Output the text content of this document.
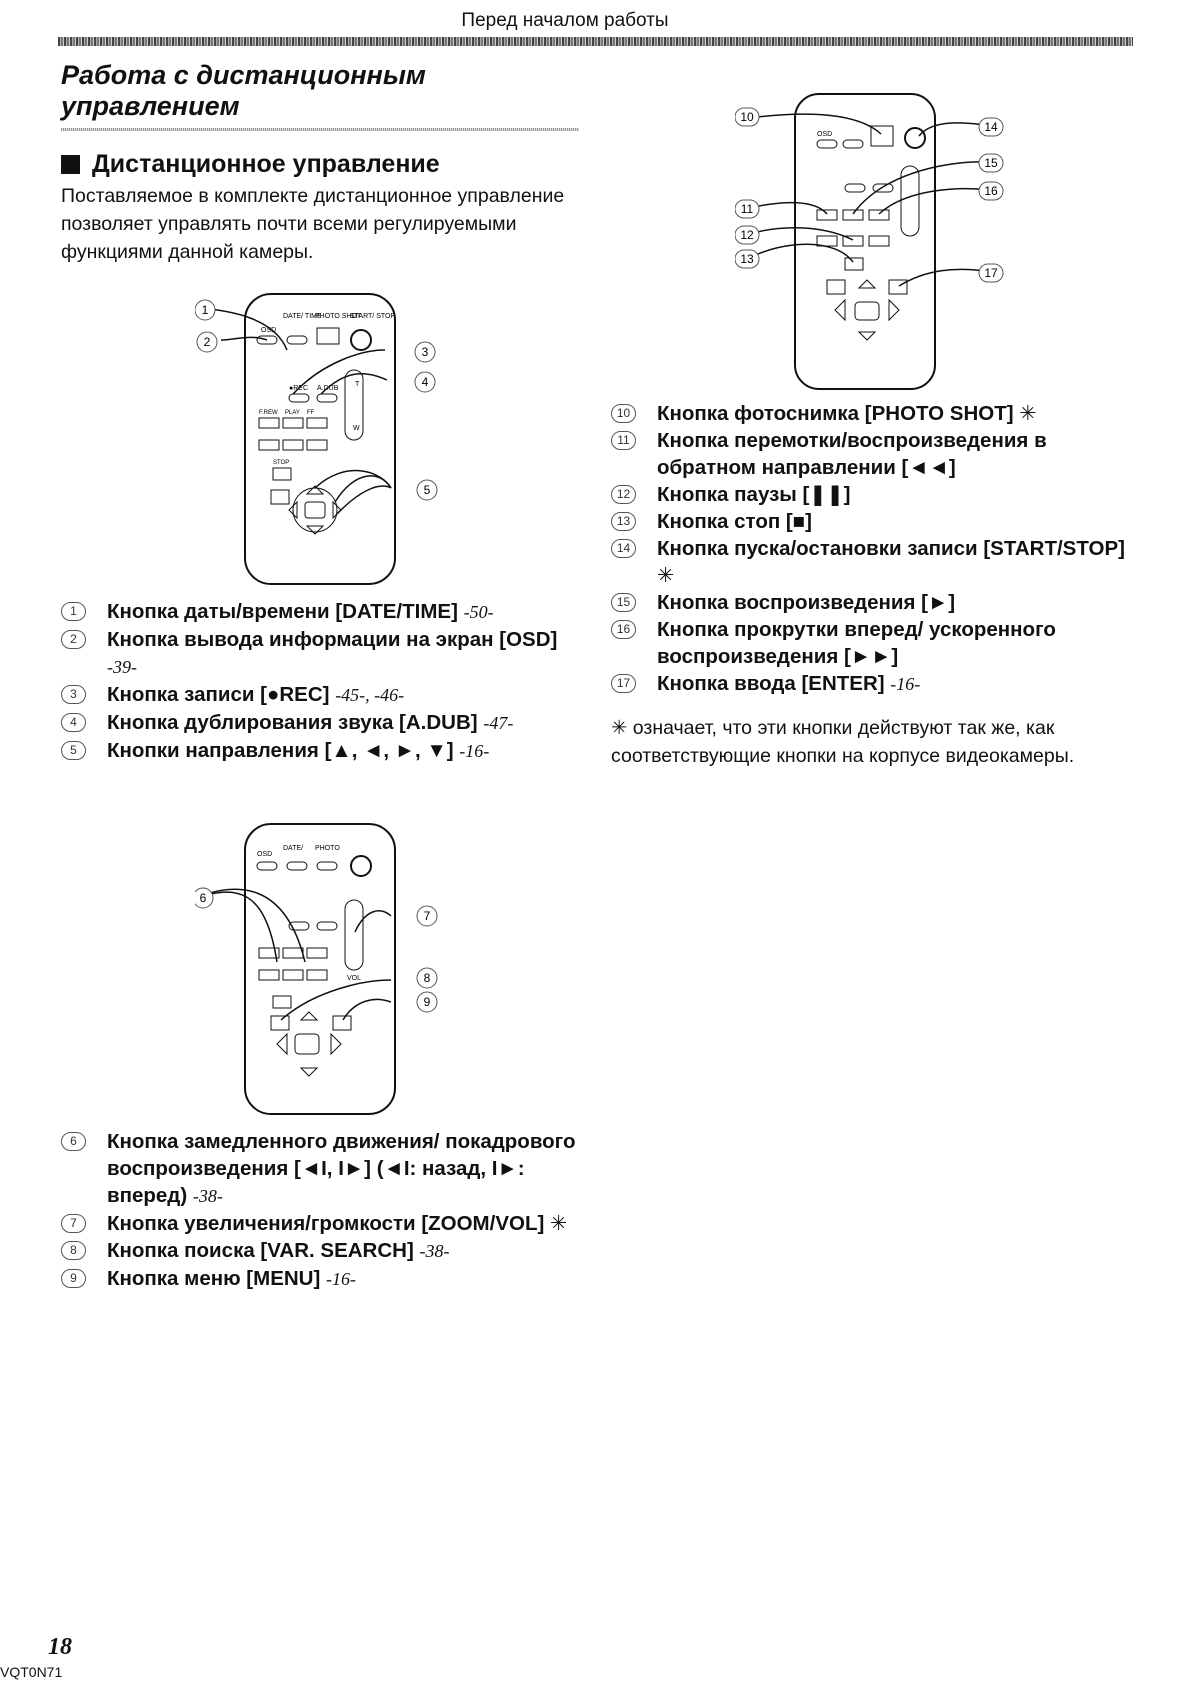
Перед началом работы
Работа с дистанционным
управлением
Дистанционное управление
Поставляемое в комплекте дистанционное управление позволяет управлять почти всеми регулируемыми функциями данной камеры.
DATE/ TIME
PHOTO SHOT
START/ STOP
OSD
●REC A.DUB
T
W
F.REW PLAY FF
STOP
1
2
3
4
5
1	Кнопка даты/времени [DATE/TIME] -50-
2	Кнопка вывода информации на экран [OSD] -39-
3	Кнопка записи [●REC] -45-, -46-
4	Кнопка дублирования звука [A.DUB] -47-
5	Кнопки направления [▲, ◄, ►, ▼] -16-
OSD
DATE/ PHOTO
VOL
6
7
8
9
6	Кнопка замедленного движения/ покадрового воспроизведения [◄I, I►] (◄I: назад, I►: вперед) -38-
7	Кнопка увеличения/громкости [ZOOM/VOL] ✳
8	Кнопка поиска [VAR. SEARCH] -38-
9	Кнопка меню [MENU] -16-
OSD
10
11
12
13
14
15
16
17
10 Кнопка фотоснимка [PHOTO SHOT] ✳
11	Кнопка перемотки/воспроизведения в обратном направлении [◄◄]
12 Кнопка паузы [❚❚]
13 Кнопка стоп [■]
14 Кнопка пуска/остановки записи [START/STOP] ✳
15 Кнопка воспроизведения [►]
16 Кнопка прокрутки вперед/ ускоренного воспроизведения [►►]
17 Кнопка ввода [ENTER] -16-
✳ означает, что эти кнопки действуют так же, как соответствующие кнопки на корпусе видеокамеры.
18
VQT0N71
